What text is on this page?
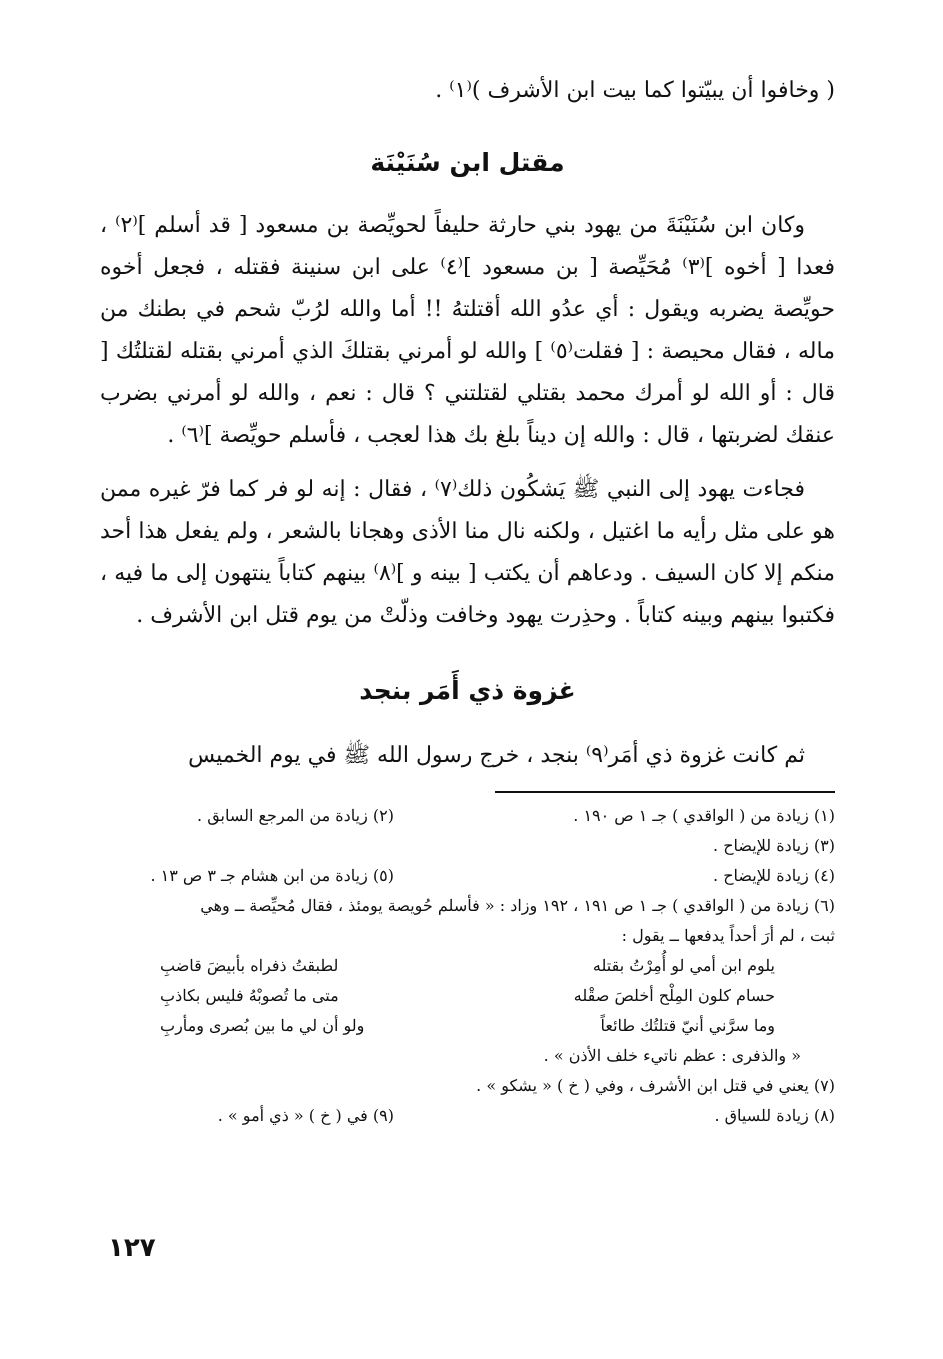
( وخافوا أن يبيّتوا كما بيت ابن الأشرف )⁽١⁾ .

مقتل ابن سُنَيْنَة

وكان ابن سُنَيْنَةَ من يهود بني حارثة حليفاً لحويِّصة بن مسعود [ قد أسلم ]⁽٢⁾ ، فعدا [ أخوه ]⁽٣⁾ مُحَيِّصة [ بن مسعود ]⁽٤⁾ على ابن سنينة فقتله ، فجعل أخوه حويِّصة يضربه ويقول : أي عدُو الله أقتلتهُ !! أما والله لرُبّ شحم في بطنك من ماله ، فقال محيصة : [ فقلت⁽٥⁾ ] والله لو أمرني بقتلكَ الذي أمرني بقتله لقتلتُك [ قال : أو الله لو أمرك محمد بقتلي لقتلتني ؟ قال : نعم ، والله لو أمرني بضرب عنقك لضربتها ، قال : والله إن ديناً بلغ بك هذا لعجب ، فأسلم حويِّصة ]⁽٦⁾ .

فجاءت يهود إلى النبي ﷺ يَشكُون ذلك⁽٧⁾ ، فقال : إنه لو فر كما فرّ غيره ممن هو على مثل رأيه ما اغتيل ، ولكنه نال منا الأذى وهجانا بالشعر ، ولم يفعل هذا أحد منكم إلا كان السيف . ودعاهم أن يكتب [ بينه و ]⁽٨⁾ بينهم كتاباً ينتهون إلى ما فيه ، فكتبوا بينهم وبينه كتاباً . وحذِرت يهود وخافت وذلّتْ من يوم قتل ابن الأشرف .

غزوة ذي أَمَر بنجد

ثم كانت غزوة ذي أمَر⁽٩⁾ بنجد ، خرج رسول الله ﷺ في يوم الخميس

(١) زيادة من ( الواقدي ) جـ ١ ص ١٩٠ .

(٢) زيادة من المرجع السابق .

(٣) زيادة للإيضاح .

(٤) زيادة للإيضاح .

(٥) زيادة من ابن هشام جـ ٣ ص ١٣ .

(٦) زيادة من ( الواقدي ) جـ ١ ص ١٩١ ، ١٩٢ وزاد : « فأسلم حُويصة يومئذ ، فقال مُحيِّصة ــ وهي

ثبت ، لم أرَ أحداً يدفعها ــ يقول :

يلوم ابن أمي لو أُمِرْتُ بقتله
لطبقتُ ذفراه بأبيضَ قاضبِ
حسام كلون المِلْح أخلصَ صقْله
متى ما تُصوبْهُ فليس بكاذبِ
وما سرَّني أنيّ قتلتُك طائعاً
ولو أن لي ما بين بُصرى ومأربِ

« والذفرى : عظم ناتيء خلف الأذن » .

(٧) يعني في قتل ابن الأشرف ، وفي ( خ ) « يشكو » .

(٨) زيادة للسياق .

(٩) في ( خ ) « ذي أمو » .

١٢٧
